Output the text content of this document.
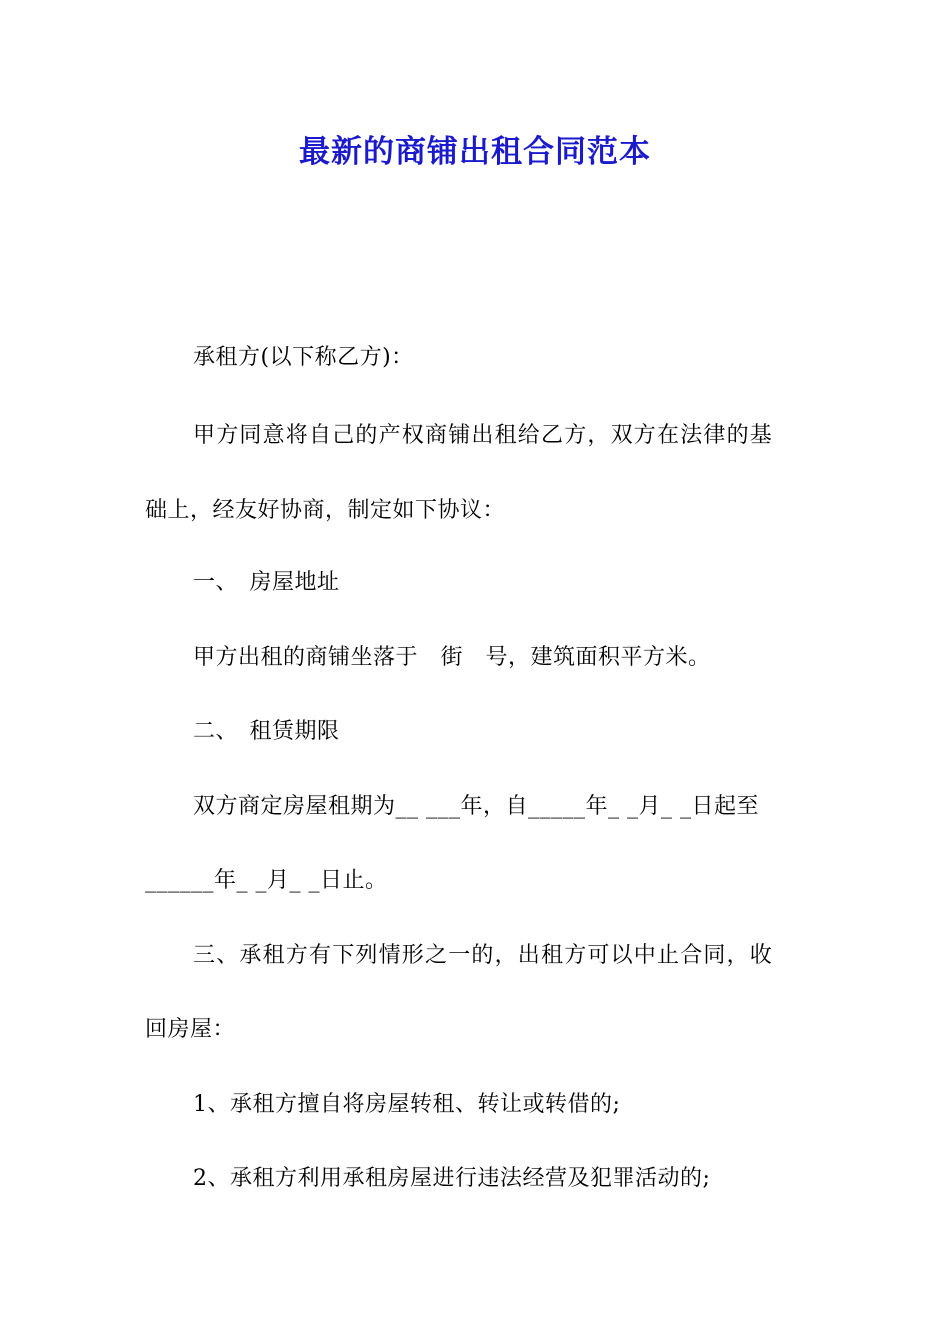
最新的商铺出租合同范本
承租方(以下称乙方)：
甲方同意将自己的产权商铺出租给乙方，双方在法律的基
础上，经友好协商，制定如下协议：
一、　房屋地址
甲方出租的商铺坐落于　街　号，建筑面积平方米。
二、　租赁期限
双方商定房屋租期为__ ___年，自_____年_ _月_ _日起至
______年_ _月_ _日止。
三、承租方有下列情形之一的，出租方可以中止合同，收
回房屋：
1、承租方擅自将房屋转租、转让或转借的;
2、承租方利用承租房屋进行违法经营及犯罪活动的;
